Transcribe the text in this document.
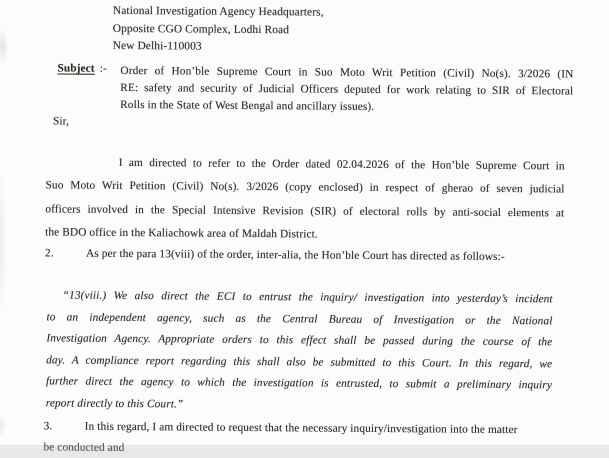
National Investigation Agency Headquarters,
Opposite CGO Complex, Lodhi Road
New Delhi-110003
Subject :- Order of Hon’ble Supreme Court in Suo Moto Writ Petition (Civil) No(s). 3/2026 (IN
RE: safety and security of Judicial Officers deputed for work relating to SIR of Electoral
Rolls in the State of West Bengal and ancillary issues).
Sir,
I am directed to refer to the Order dated 02.04.2026 of the Hon’ble Supreme Court in
Suo Moto Writ Petition (Civil) No(s). 3/2026 (copy enclosed) in respect of gherao of seven judicial
officers involved in the Special Intensive Revision (SIR) of electoral rolls by anti-social elements at
the BDO office in the Kaliachowk area of Maldah District.
2.	As per the para 13(viii) of the order, inter-alia, the Hon’ble Court has directed as follows:-
“13(viii.) We also direct the ECI to entrust the inquiry/ investigation into yesterday’s incident
to an independent agency, such as the Central Bureau of Investigation or the National
Investigation Agency. Appropriate orders to this effect shall be passed during the course of the
day. A compliance report regarding this shall also be submitted to this Court. In this regard, we
further direct the agency to which the investigation is entrusted, to submit a preliminary inquiry
report directly to this Court.”
3.	In this regard, I am directed to request that the necessary inquiry/investigation into the matter
be conducted and
